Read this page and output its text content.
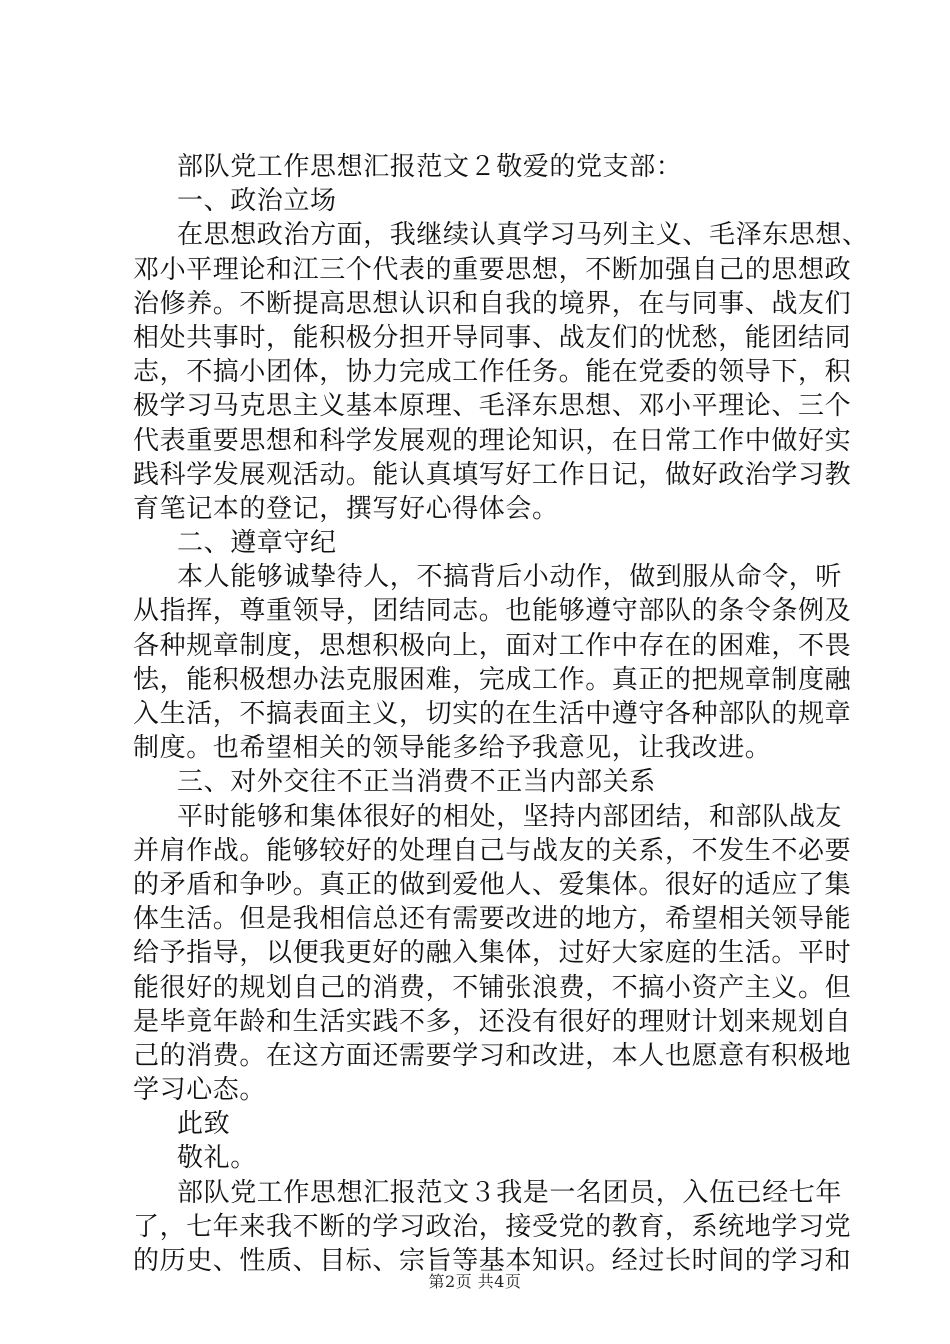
部队党工作思想汇报范文２敬爱的党支部：
一、政治立场
在思想政治方面，我继续认真学习马列主义、毛泽东思想、
邓小平理论和江三个代表的重要思想，不断加强自己的思想政
治修养。不断提高思想认识和自我的境界，在与同事、战友们
相处共事时，能积极分担开导同事、战友们的忧愁，能团结同
志，不搞小团体，协力完成工作任务。能在党委的领导下，积
极学习马克思主义基本原理、毛泽东思想、邓小平理论、三个
代表重要思想和科学发展观的理论知识，在日常工作中做好实
践科学发展观活动。能认真填写好工作日记，做好政治学习教
育笔记本的登记，撰写好心得体会。
二、遵章守纪
本人能够诚挚待人，不搞背后小动作，做到服从命令，听
从指挥，尊重领导，团结同志。也能够遵守部队的条令条例及
各种规章制度，思想积极向上，面对工作中存在的困难，不畏
怯，能积极想办法克服困难，完成工作。真正的把规章制度融
入生活，不搞表面主义，切实的在生活中遵守各种部队的规章
制度。也希望相关的领导能多给予我意见，让我改进。
三、对外交往不正当消费不正当内部关系
平时能够和集体很好的相处，坚持内部团结，和部队战友
并肩作战。能够较好的处理自己与战友的关系，不发生不必要
的矛盾和争吵。真正的做到爱他人、爱集体。很好的适应了集
体生活。但是我相信总还有需要改进的地方，希望相关领导能
给予指导，以便我更好的融入集体，过好大家庭的生活。平时
能很好的规划自己的消费，不铺张浪费，不搞小资产主义。但
是毕竟年龄和生活实践不多，还没有很好的理财计划来规划自
己的消费。在这方面还需要学习和改进，本人也愿意有积极地
学习心态。
此致
敬礼。
部队党工作思想汇报范文３我是一名团员，入伍已经七年
了，七年来我不断的学习政治，接受党的教育，系统地学习党
的历史、性质、目标、宗旨等基本知识。经过长时间的学习和
第2页 共4页
